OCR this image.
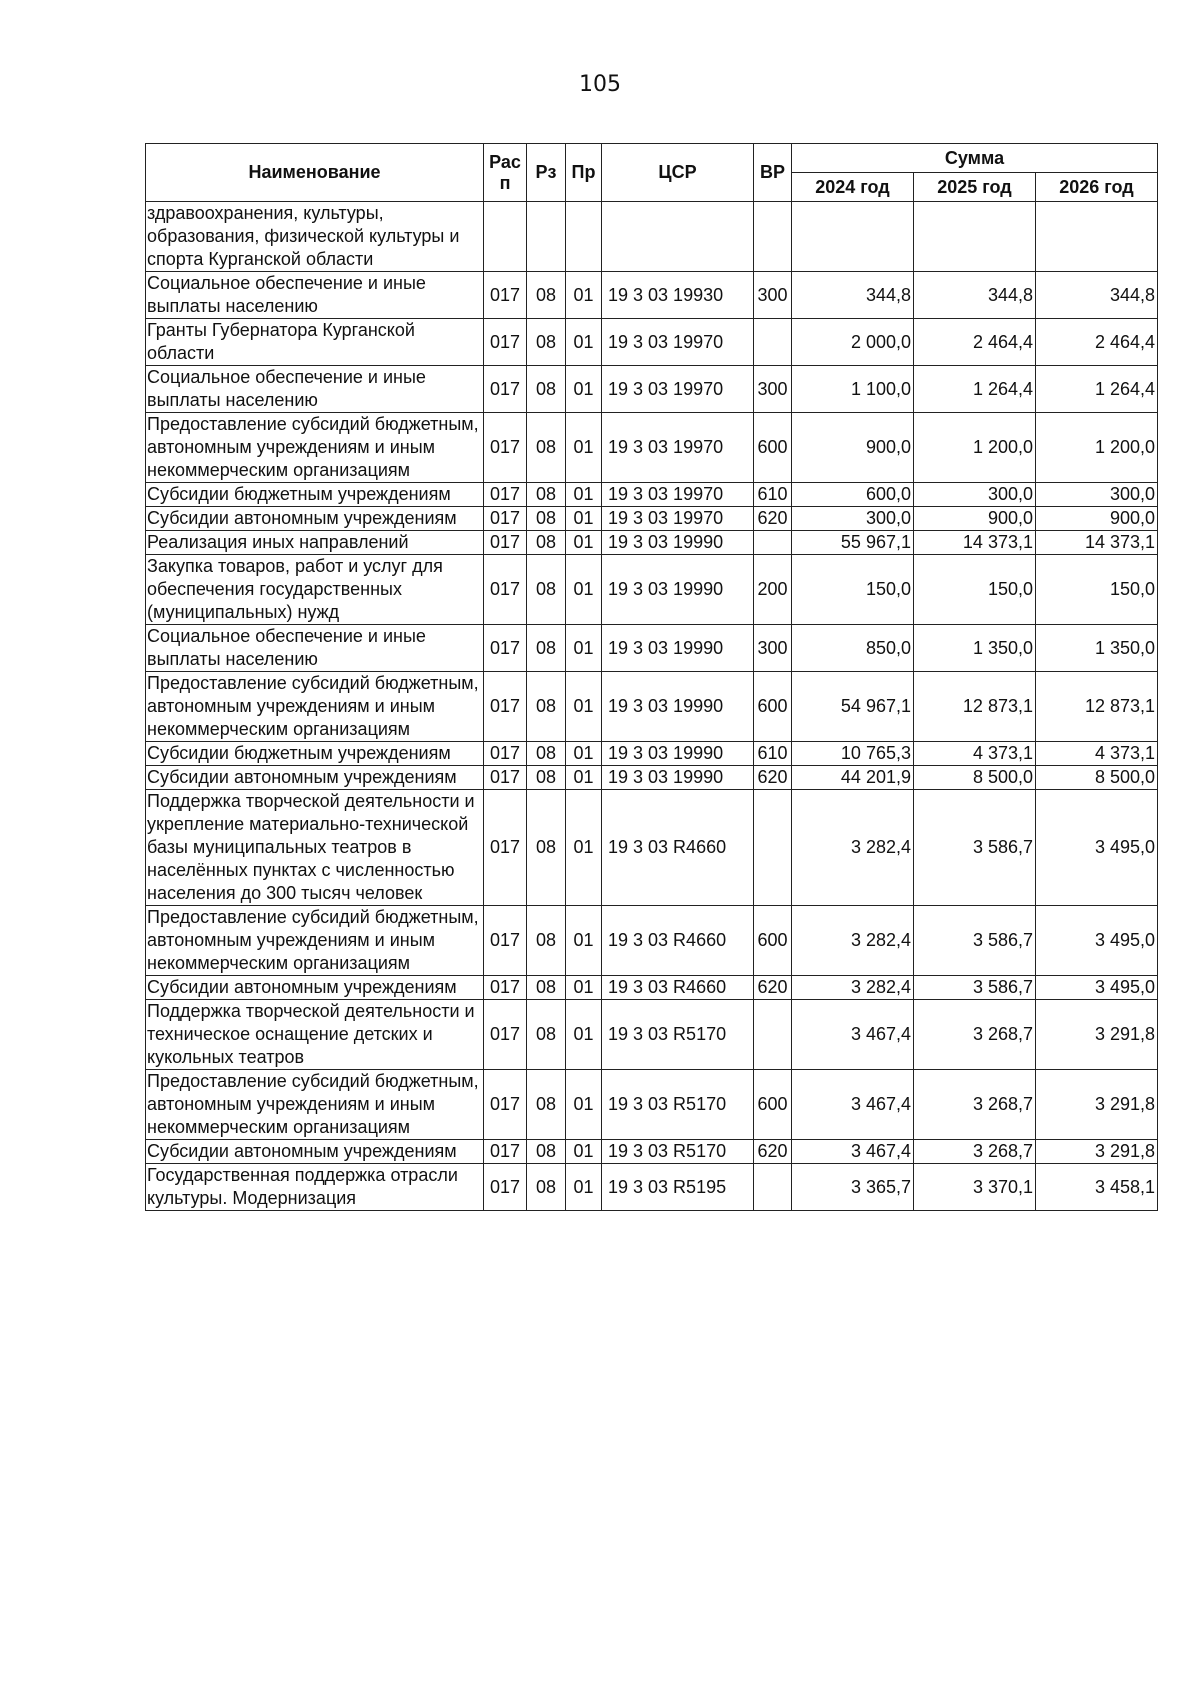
105
Наименование	Рас п	Рз	Пр	ЦСР	ВР	Сумма		
						2024 год	2025 год	2026 год
здравоохранения, культуры, образования, физической культуры и спорта Курганской области								
Социальное обеспечение и иные выплаты населению	017	08	01	19 3 03 19930	300	344,8	344,8	344,8
Гранты Губернатора Курганской области	017	08	01	19 3 03 19970		2 000,0	2 464,4	2 464,4
Социальное обеспечение и иные выплаты населению	017	08	01	19 3 03 19970	300	1 100,0	1 264,4	1 264,4
Предоставление субсидий бюджетным, автономным учреждениям и иным некоммерческим организациям	017	08	01	19 3 03 19970	600	900,0	1 200,0	1 200,0
Субсидии бюджетным учреждениям	017	08	01	19 3 03 19970	610	600,0	300,0	300,0
Субсидии автономным учреждениям	017	08	01	19 3 03 19970	620	300,0	900,0	900,0
Реализация иных направлений	017	08	01	19 3 03 19990		55 967,1	14 373,1	14 373,1
Закупка товаров, работ и услуг для обеспечения государственных (муниципальных) нужд	017	08	01	19 3 03 19990	200	150,0	150,0	150,0
Социальное обеспечение и иные выплаты населению	017	08	01	19 3 03 19990	300	850,0	1 350,0	1 350,0
Предоставление субсидий бюджетным, автономным учреждениям и иным некоммерческим организациям	017	08	01	19 3 03 19990	600	54 967,1	12 873,1	12 873,1
Субсидии бюджетным учреждениям	017	08	01	19 3 03 19990	610	10 765,3	4 373,1	4 373,1
Субсидии автономным учреждениям	017	08	01	19 3 03 19990	620	44 201,9	8 500,0	8 500,0
Поддержка творческой деятельности и укрепление материально-технической базы муниципальных театров в населённых пунктах с численностью населения до 300 тысяч человек	017	08	01	19 3 03 R4660		3 282,4	3 586,7	3 495,0
Предоставление субсидий бюджетным, автономным учреждениям и иным некоммерческим организациям	017	08	01	19 3 03 R4660	600	3 282,4	3 586,7	3 495,0
Субсидии автономным учреждениям	017	08	01	19 3 03 R4660	620	3 282,4	3 586,7	3 495,0
Поддержка творческой деятельности и техническое оснащение детских и кукольных театров	017	08	01	19 3 03 R5170		3 467,4	3 268,7	3 291,8
Предоставление субсидий бюджетным, автономным учреждениям и иным некоммерческим организациям	017	08	01	19 3 03 R5170	600	3 467,4	3 268,7	3 291,8
Субсидии автономным учреждениям	017	08	01	19 3 03 R5170	620	3 467,4	3 268,7	3 291,8
Государственная поддержка отрасли культуры. Модернизация	017	08	01	19 3 03 R5195		3 365,7	3 370,1	3 458,1
